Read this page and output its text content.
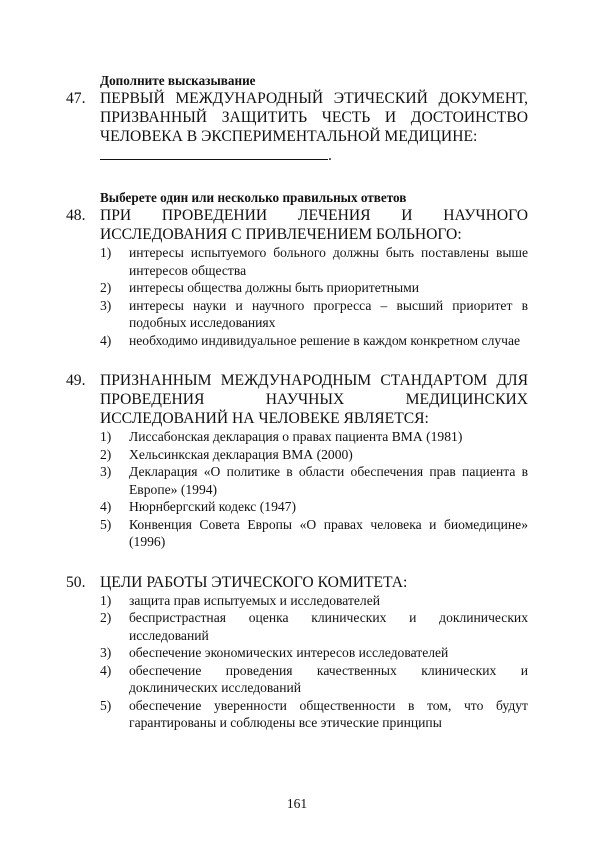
Дополните высказывание
47. ПЕРВЫЙ МЕЖДУНАРОДНЫЙ ЭТИЧЕСКИЙ ДОКУМЕНТ, ПРИЗВАННЫЙ ЗАЩИТИТЬ ЧЕСТЬ И ДОСТОИНСТВО ЧЕЛОВЕКА В ЭКСПЕРИМЕНТАЛЬНОЙ МЕДИЦИНЕ:
.
Выберете один или несколько правильных ответов
48. ПРИ ПРОВЕДЕНИИ ЛЕЧЕНИЯ И НАУЧНОГО ИССЛЕДОВАНИЯ С ПРИВЛЕЧЕНИЕМ БОЛЬНОГО:
1)	интересы испытуемого больного должны быть поставлены выше интересов общества
2)	интересы общества должны быть приоритетными
3)	интересы науки и научного прогресса – высший приоритет в подобных исследованиях
4)	необходимо индивидуальное решение в каждом конкретном случае
49. ПРИЗНАННЫМ МЕЖДУНАРОДНЫМ СТАНДАРТОМ ДЛЯ ПРОВЕДЕНИЯ НАУЧНЫХ МЕДИЦИНСКИХ ИССЛЕДОВАНИЙ НА ЧЕЛОВЕКЕ ЯВЛЯЕТСЯ:
1)	Лиссабонская декларация о правах пациента ВМА (1981)
2)	Хельсинкская декларация ВМА (2000)
3)	Декларация «О политике в области обеспечения прав пациента в Европе» (1994)
4)	Нюрнбергский кодекс (1947)
5)	Конвенция Совета Европы «О правах человека и биомедицине» (1996)
50. ЦЕЛИ РАБОТЫ ЭТИЧЕСКОГО КОМИТЕТА:
1)	защита прав испытуемых и исследователей
2)	беспристрастная оценка клинических и доклинических исследований
3)	обеспечение экономических интересов исследователей
4)	обеспечение проведения качественных клинических и доклинических исследований
5)	обеспечение уверенности общественности в том, что будут гарантированы и соблюдены все этические принципы
161
